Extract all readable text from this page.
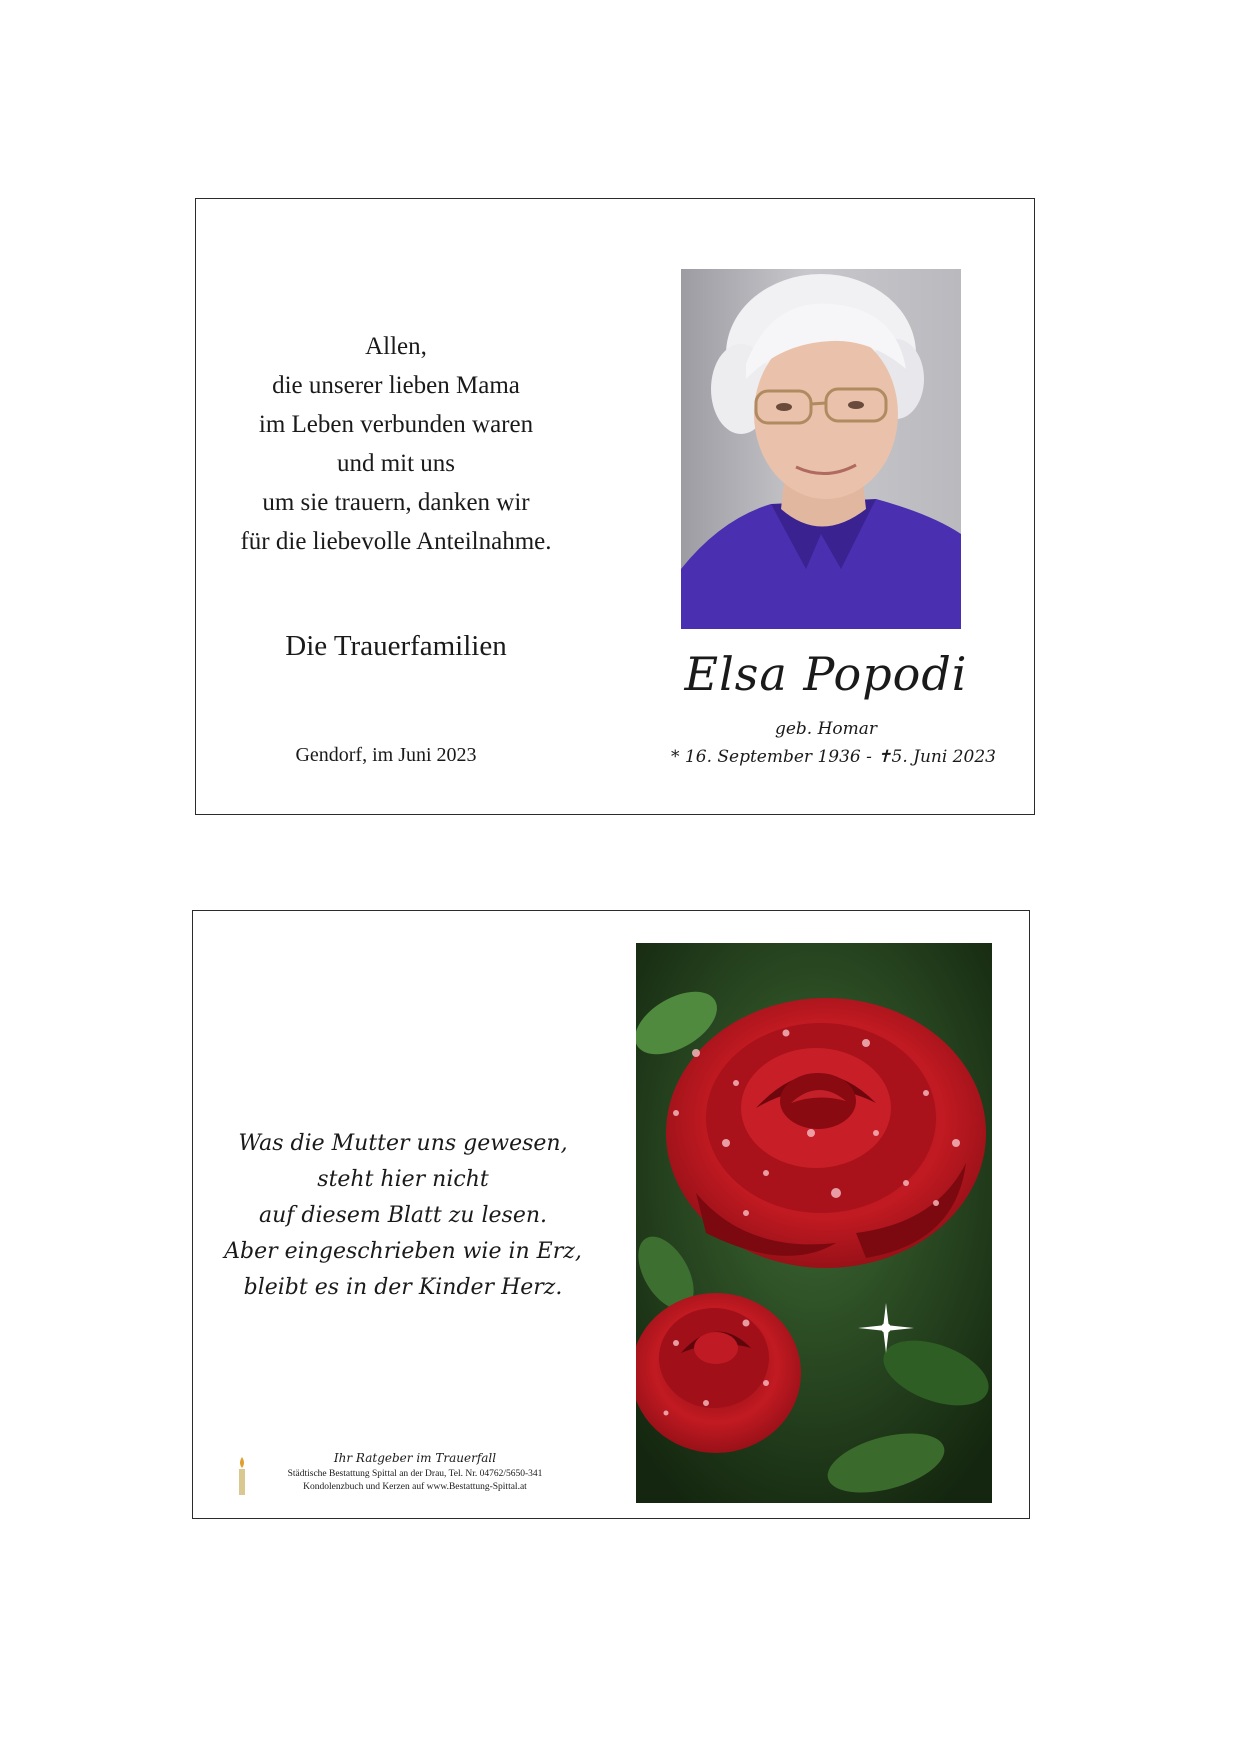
Allen,
die unserer lieben Mama
im Leben verbunden waren
und mit uns
um sie trauern, danken wir
für die liebevolle Anteilnahme.
Die Trauerfamilien
Gendorf, im Juni 2023
Elsa Popodi
geb. Homar
* 16. September 1936 - ✝5. Juni 2023
Was die Mutter uns gewesen,
steht hier nicht
auf diesem Blatt zu lesen.
Aber eingeschrieben wie in Erz,
bleibt es in der Kinder Herz.
Ihr Ratgeber im Trauerfall
Städtische Bestattung Spittal an der Drau, Tel. Nr. 04762/5650-341
Kondolenzbuch und Kerzen auf www.Bestattung-Spittal.at
